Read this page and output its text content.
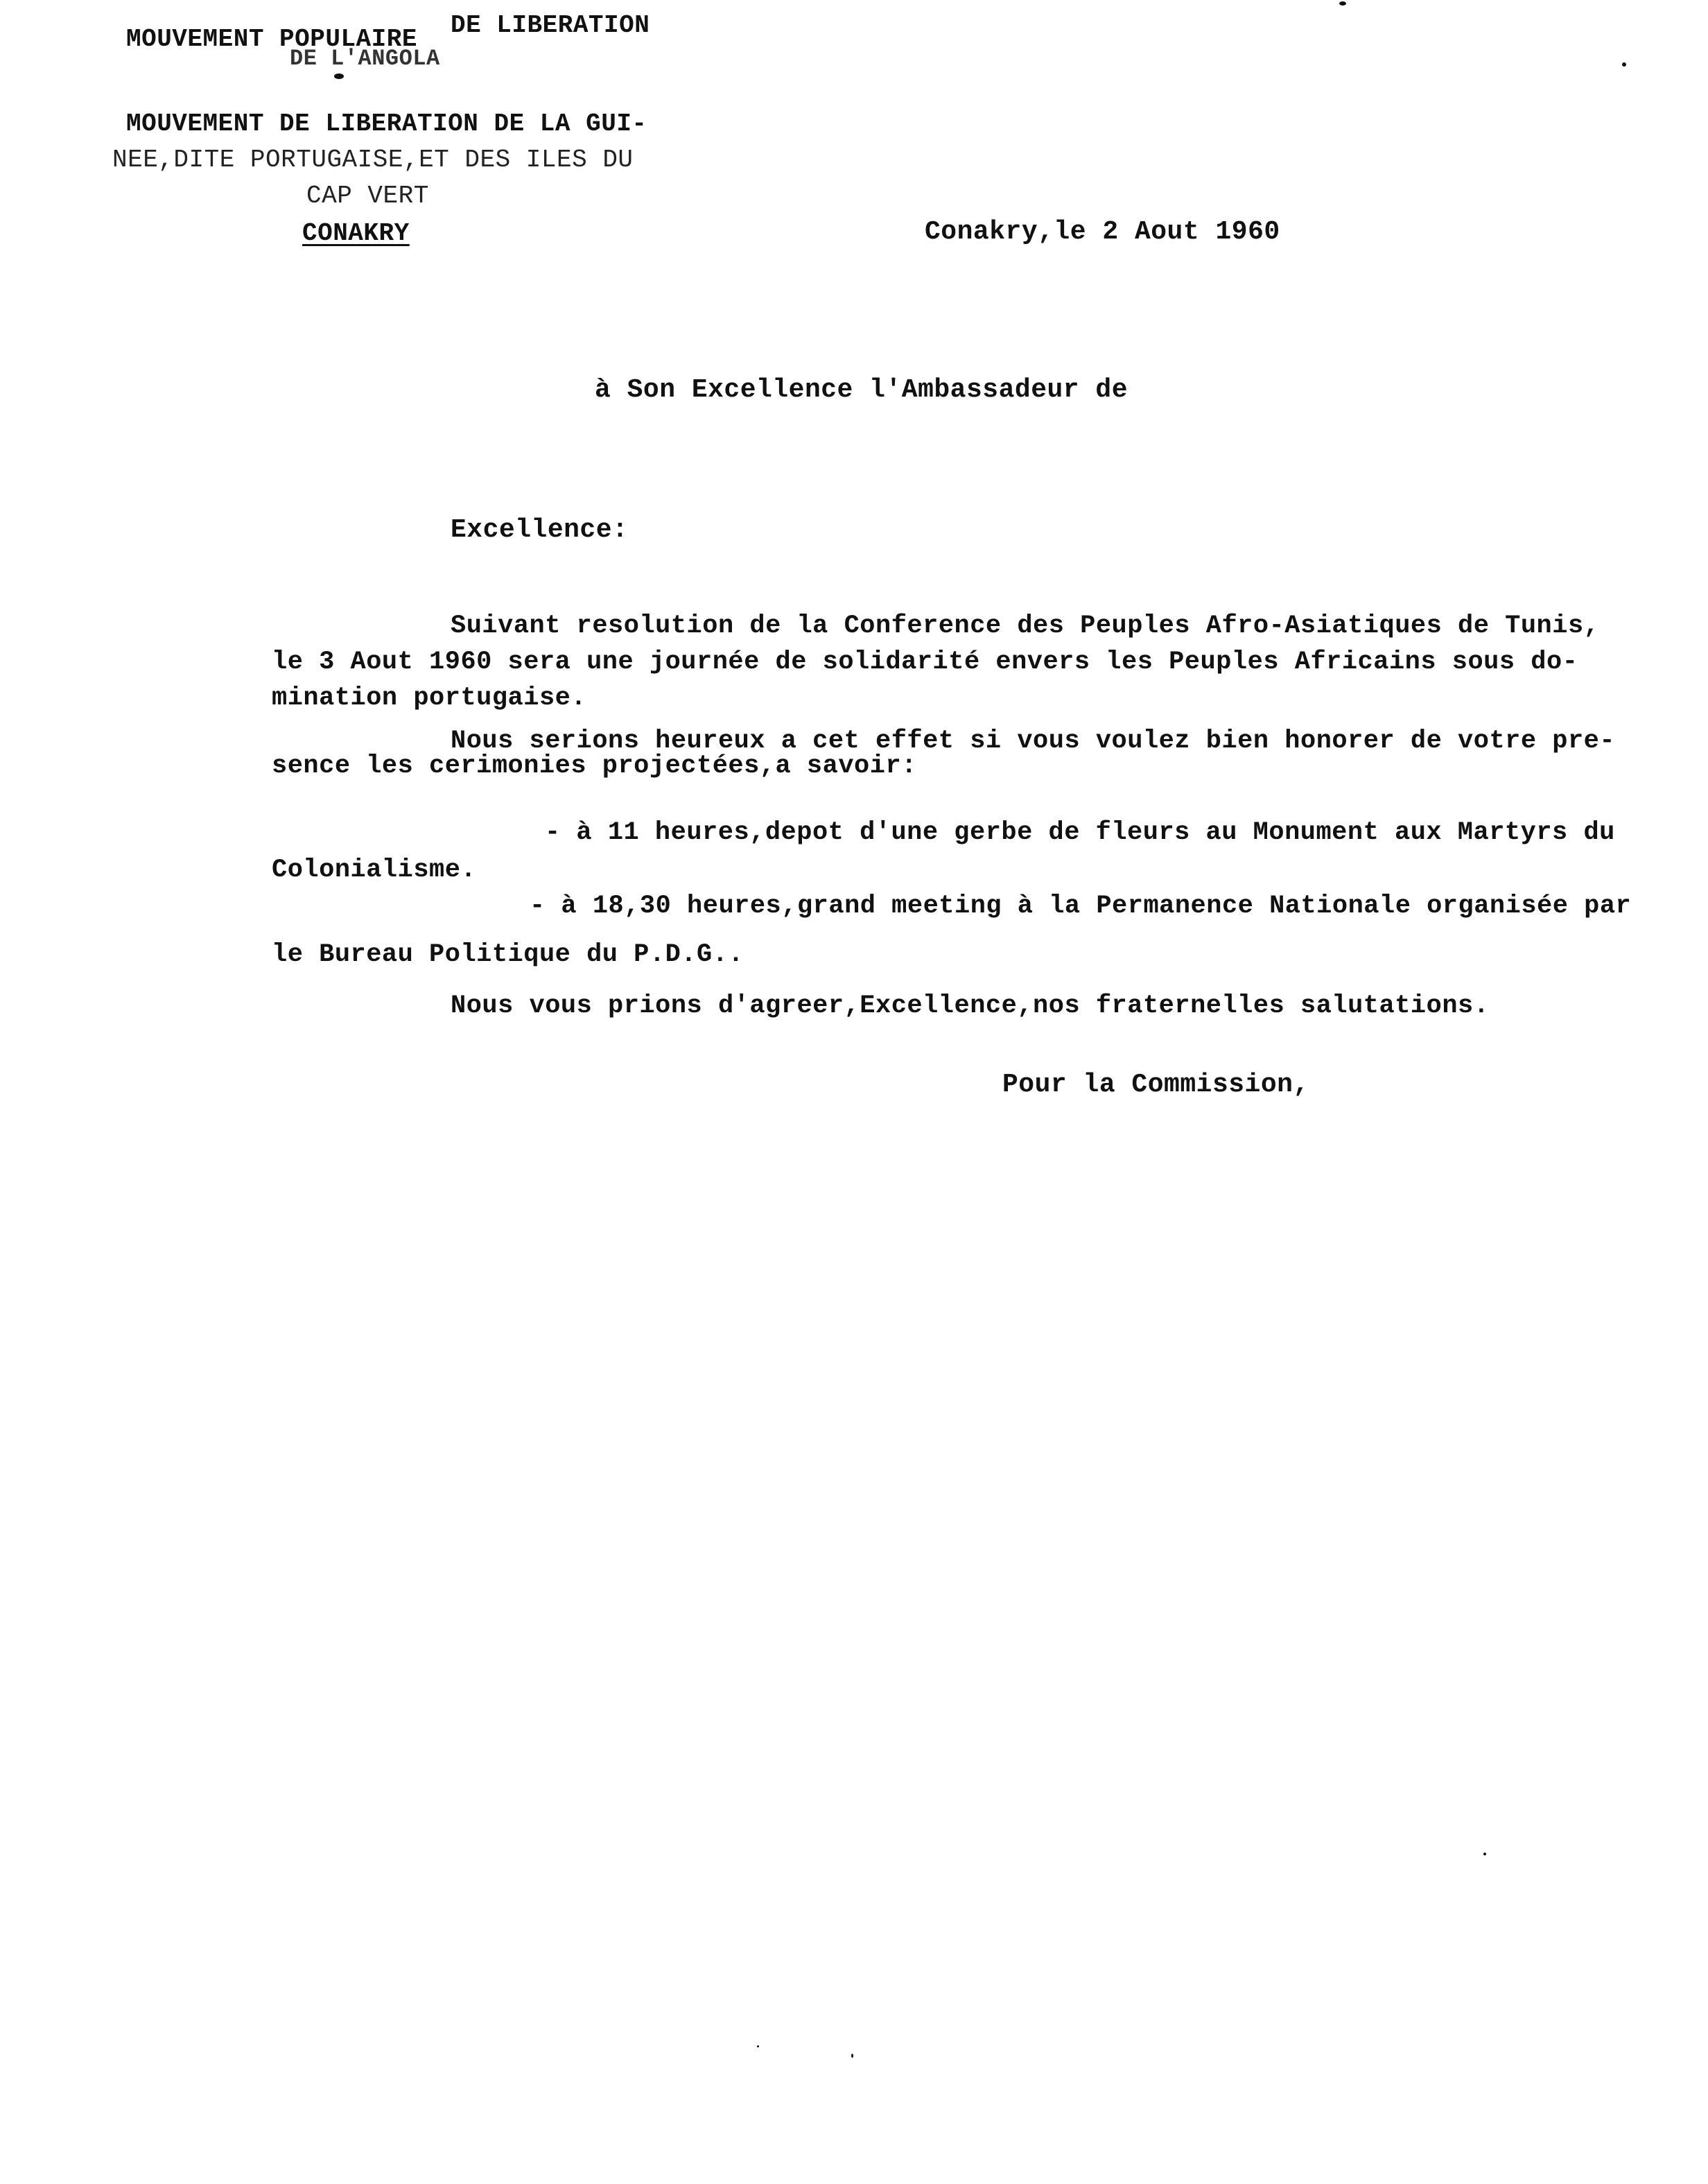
MOUVEMENT POPULAIRE DE LIBERATION
DE L'ANGOLA
MOUVEMENT DE LIBERATION DE LA GUI-
NEE,DITE PORTUGAISE,ET DES ILES DU
CAP VERT
CONAKRY	Conakry,le 2 Aout 1960
à Son Excellence l'Ambassadeur de
Excellence:
Suivant resolution de la Conference des Peuples Afro-Asiatiques de Tunis,
le 3 Aout 1960 sera une journée de solidarité envers les Peuples Africains sous do-
mination portugaise.
Nous serions heureux a cet effet si vous voulez bien honorer de votre pre-
sence les cerimonies projectées,a savoir:
- à 11 heures,depot d'une gerbe de fleurs au Monument aux Martyrs du
Colonialisme.
- à 18,30 heures,grand meeting à la Permanence Nationale organisée par
le Bureau Politique du P.D.G..
Nous vous prions d'agreer,Excellence,nos fraternelles salutations.
Pour la Commission,
